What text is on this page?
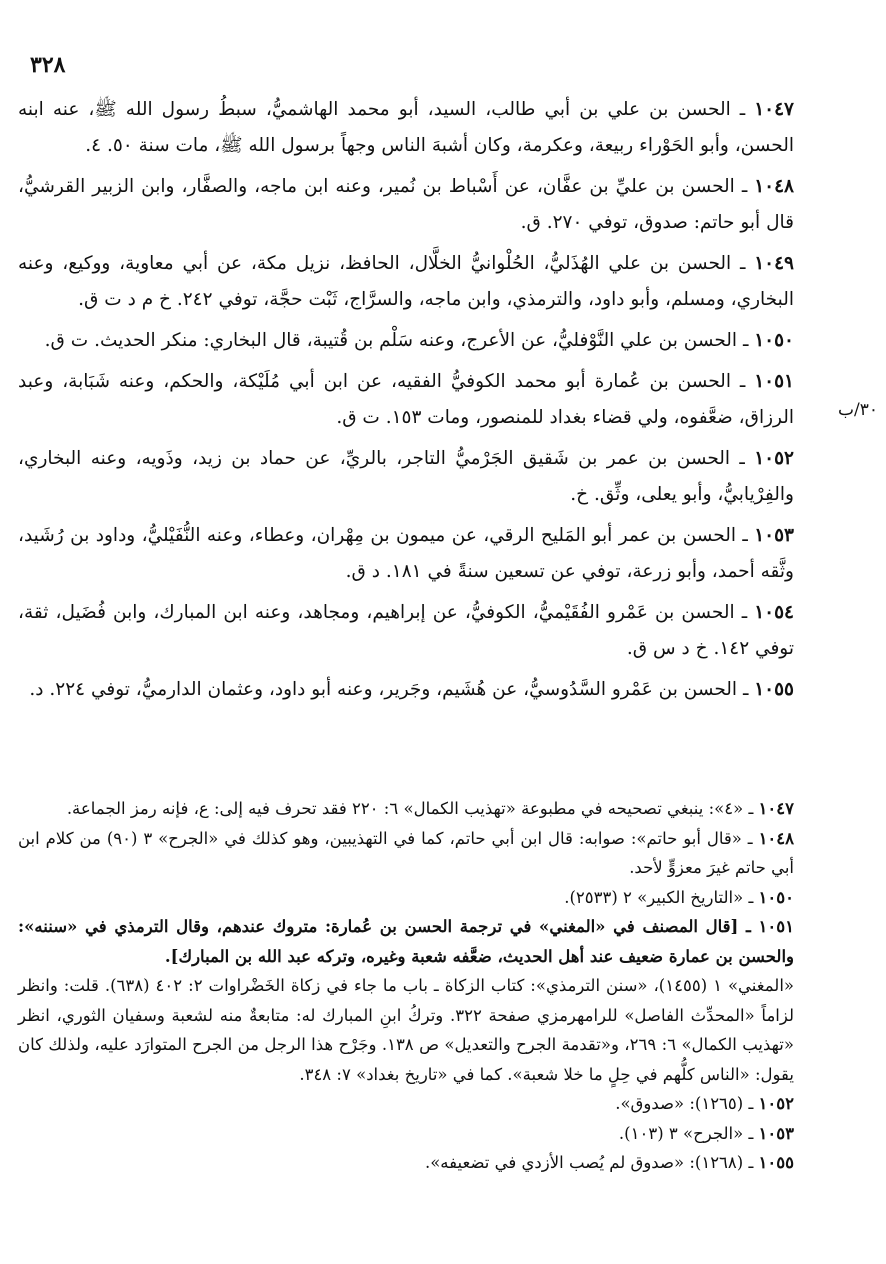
٣٢٨
٣٠/ب

١٠٤٧ ـ الحسن بن علي بن أبي طالب، السيد، أبو محمد الهاشميُّ، سبطُ رسول الله ﷺ، عنه ابنه الحسن، وأبو الحَوْراء ربيعة، وعكرمة، وكان أشبهَ الناس وجهاً برسول الله ﷺ، مات سنة ٥٠. ٤.

١٠٤٨ ـ الحسن بن عليِّ بن عفَّان، عن أَسْباط بن نُمير، وعنه ابن ماجه، والصفَّار، وابن الزبير القرشيُّ، قال أبو حاتم: صدوق، توفي ٢٧٠. ق.

١٠٤٩ ـ الحسن بن علي الهُذَليُّ، الحُلْوانيُّ الخلَّال، الحافظ، نزيل مكة، عن أبي معاوية، ووكيع، وعنه البخاري، ومسلم، وأبو داود، والترمذي، وابن ماجه، والسرَّاج، ثَبْت حجَّة، توفي ٢٤٢. خ م د ت ق.

١٠٥٠ ـ الحسن بن علي النَّوْفليُّ، عن الأعرج، وعنه سَلْم بن قُتيبة، قال البخاري: منكر الحديث. ت ق.

١٠٥١ ـ الحسن بن عُمارة أبو محمد الكوفيُّ الفقيه، عن ابن أبي مُلَيْكة، والحكم، وعنه شَبَابة، وعبد الرزاق، ضعَّفوه، ولي قضاء بغداد للمنصور، ومات ١٥٣. ت ق.

١٠٥٢ ـ الحسن بن عمر بن شَقيق الجَرْميُّ التاجر، بالريِّ، عن حماد بن زيد، وذَويه، وعنه البخاري، والفِرْيابيُّ، وأبو يعلى، وثِّق. خ.

١٠٥٣ ـ الحسن بن عمر أبو المَليح الرقي، عن ميمون بن مِهْران، وعطاء، وعنه النُّفَيْليُّ، وداود بن رُشَيد، وثَّقه أحمد، وأبو زرعة، توفي عن تسعين سنةً في ١٨١. د ق.

١٠٥٤ ـ الحسن بن عَمْرو الفُقَيْميُّ، الكوفيُّ، عن إبراهيم، ومجاهد، وعنه ابن المبارك، وابن فُضَيل، ثقة، توفي ١٤٢. خ د س ق.

١٠٥٥ ـ الحسن بن عَمْرو السَّدُوسيُّ، عن هُشَيم، وجَرير، وعنه أبو داود، وعثمان الدارميُّ، توفي ٢٢٤. د.

١٠٤٧ ـ «٤»: ينبغي تصحيحه في مطبوعة «تهذيب الكمال» ٦: ٢٢٠ فقد تحرف فيه إلى: ع، فإنه رمز الجماعة.

١٠٤٨ ـ «قال أبو حاتم»: صوابه: قال ابن أبي حاتم، كما في التهذيبين، وهو كذلك في «الجرح» ٣ (٩٠) من كلام ابن أبي حاتم غيرَ معزوٍّ لأحد.

١٠٥٠ ـ «التاريخ الكبير» ٢ (٢٥٣٣).

١٠٥١ ـ [قال المصنف في «المغني» في ترجمة الحسن بن عُمارة: متروك عندهم، وقال الترمذي في «سننه»: والحسن بن عمارة ضعيف عند أهل الحديث، ضعَّفه شعبة وغيره، وتركه عبد الله بن المبارك].

«المغني» ١ (١٤٥٥)، «سنن الترمذي»: كتاب الزكاة ـ باب ما جاء في زكاة الخَضْراوات ٢: ٤٠٢ (٦٣٨). قلت: وانظر لزاماً «المحدِّث الفاصل» للرامهرمزي صفحة ٣٢٢. وتركُ ابنِ المبارك له: متابعةٌ منه لشعبة وسفيان الثوري، انظر «تهذيب الكمال» ٦: ٢٦٩، و«تقدمة الجرح والتعديل» ص ١٣٨. وجَرْح هذا الرجل من الجرح المتوارَد عليه، ولذلك كان يقول: «الناس كلُّهم في حِلٍ ما خلا شعبة». كما في «تاريخ بغداد» ٧: ٣٤٨.

١٠٥٢ ـ (١٢٦٥): «صدوق».

١٠٥٣ ـ «الجرح» ٣ (١٠٣).

١٠٥٥ ـ (١٢٦٨): «صدوق لم يُصب الأزدي في تضعيفه».
